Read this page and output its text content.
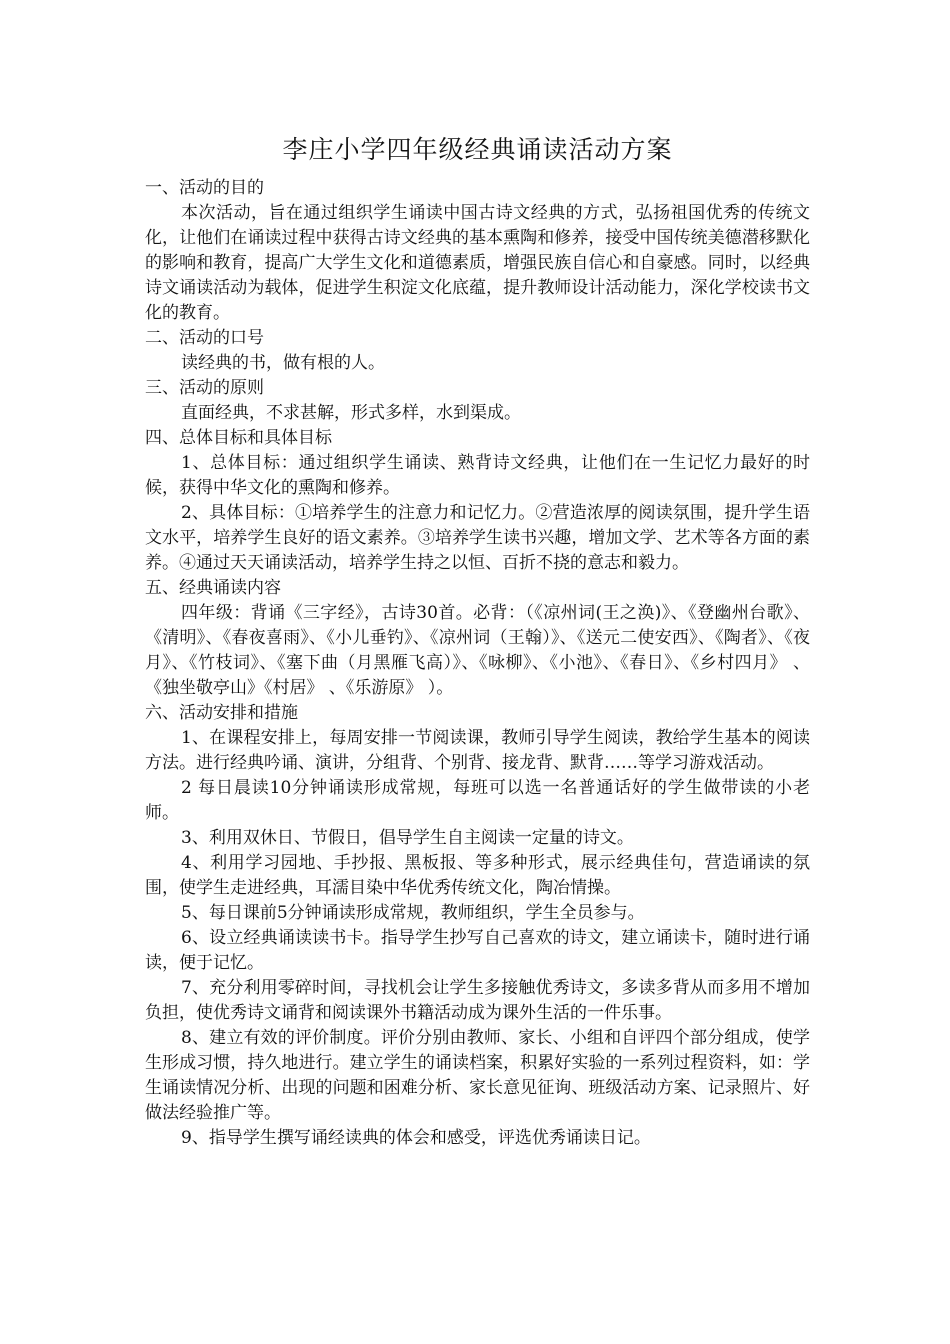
李庄小学四年级经典诵读活动方案

一、活动的目的

本次活动，旨在通过组织学生诵读中国古诗文经典的方式，弘扬祖国优秀的传统文化，让他们在诵读过程中获得古诗文经典的基本熏陶和修养，接受中国传统美德潜移默化的影响和教育，提高广大学生文化和道德素质，增强民族自信心和自豪感。同时，以经典诗文诵读活动为载体，促进学生积淀文化底蕴，提升教师设计活动能力，深化学校读书文化的教育。

二、活动的口号

读经典的书，做有根的人。

三、活动的原则

直面经典，不求甚解，形式多样，水到渠成。

四、总体目标和具体目标

1、总体目标：通过组织学生诵读、熟背诗文经典，让他们在一生记忆力最好的时候，获得中华文化的熏陶和修养。

2、具体目标：①培养学生的注意力和记忆力。②营造浓厚的阅读氛围，提升学生语文水平，培养学生良好的语文素养。③培养学生读书兴趣，增加文学、艺术等各方面的素养。④通过天天诵读活动，培养学生持之以恒、百折不挠的意志和毅力。

五、经典诵读内容

四年级：背诵《三字经》，古诗30首。必背：（《凉州词(王之涣)》、《登幽州台歌》、《清明》、《春夜喜雨》、《小儿垂钓》、《凉州词（王翰）》、《送元二使安西》、《陶者》、《夜月》、《竹枝词》、《塞下曲（月黑雁飞高）》、《咏柳》、《小池》、《春日》、《乡村四月》 、《独坐敬亭山》《村居》 、《乐游原》 ）。

六、活动安排和措施

1、在课程安排上，每周安排一节阅读课，教师引导学生阅读，教给学生基本的阅读方法。进行经典吟诵、演讲，分组背、个别背、接龙背、默背……等学习游戏活动。

2 每日晨读10分钟诵读形成常规，每班可以选一名普通话好的学生做带读的小老师。

3、利用双休日、节假日，倡导学生自主阅读一定量的诗文。

4、利用学习园地、手抄报、黑板报、等多种形式，展示经典佳句，营造诵读的氛围，使学生走进经典，耳濡目染中华优秀传统文化，陶冶情操。

5、每日课前5分钟诵读形成常规，教师组织，学生全员参与。

6、设立经典诵读读书卡。指导学生抄写自己喜欢的诗文，建立诵读卡，随时进行诵读，便于记忆。

7、充分利用零碎时间，寻找机会让学生多接触优秀诗文，多读多背从而多用不增加负担，使优秀诗文诵背和阅读课外书籍活动成为课外生活的一件乐事。

8、建立有效的评价制度。评价分别由教师、家长、小组和自评四个部分组成，使学生形成习惯，持久地进行。建立学生的诵读档案，积累好实验的一系列过程资料，如：学生诵读情况分析、出现的问题和困难分析、家长意见征询、班级活动方案、记录照片、好做法经验推广等。

9、指导学生撰写诵经读典的体会和感受，评选优秀诵读日记。
